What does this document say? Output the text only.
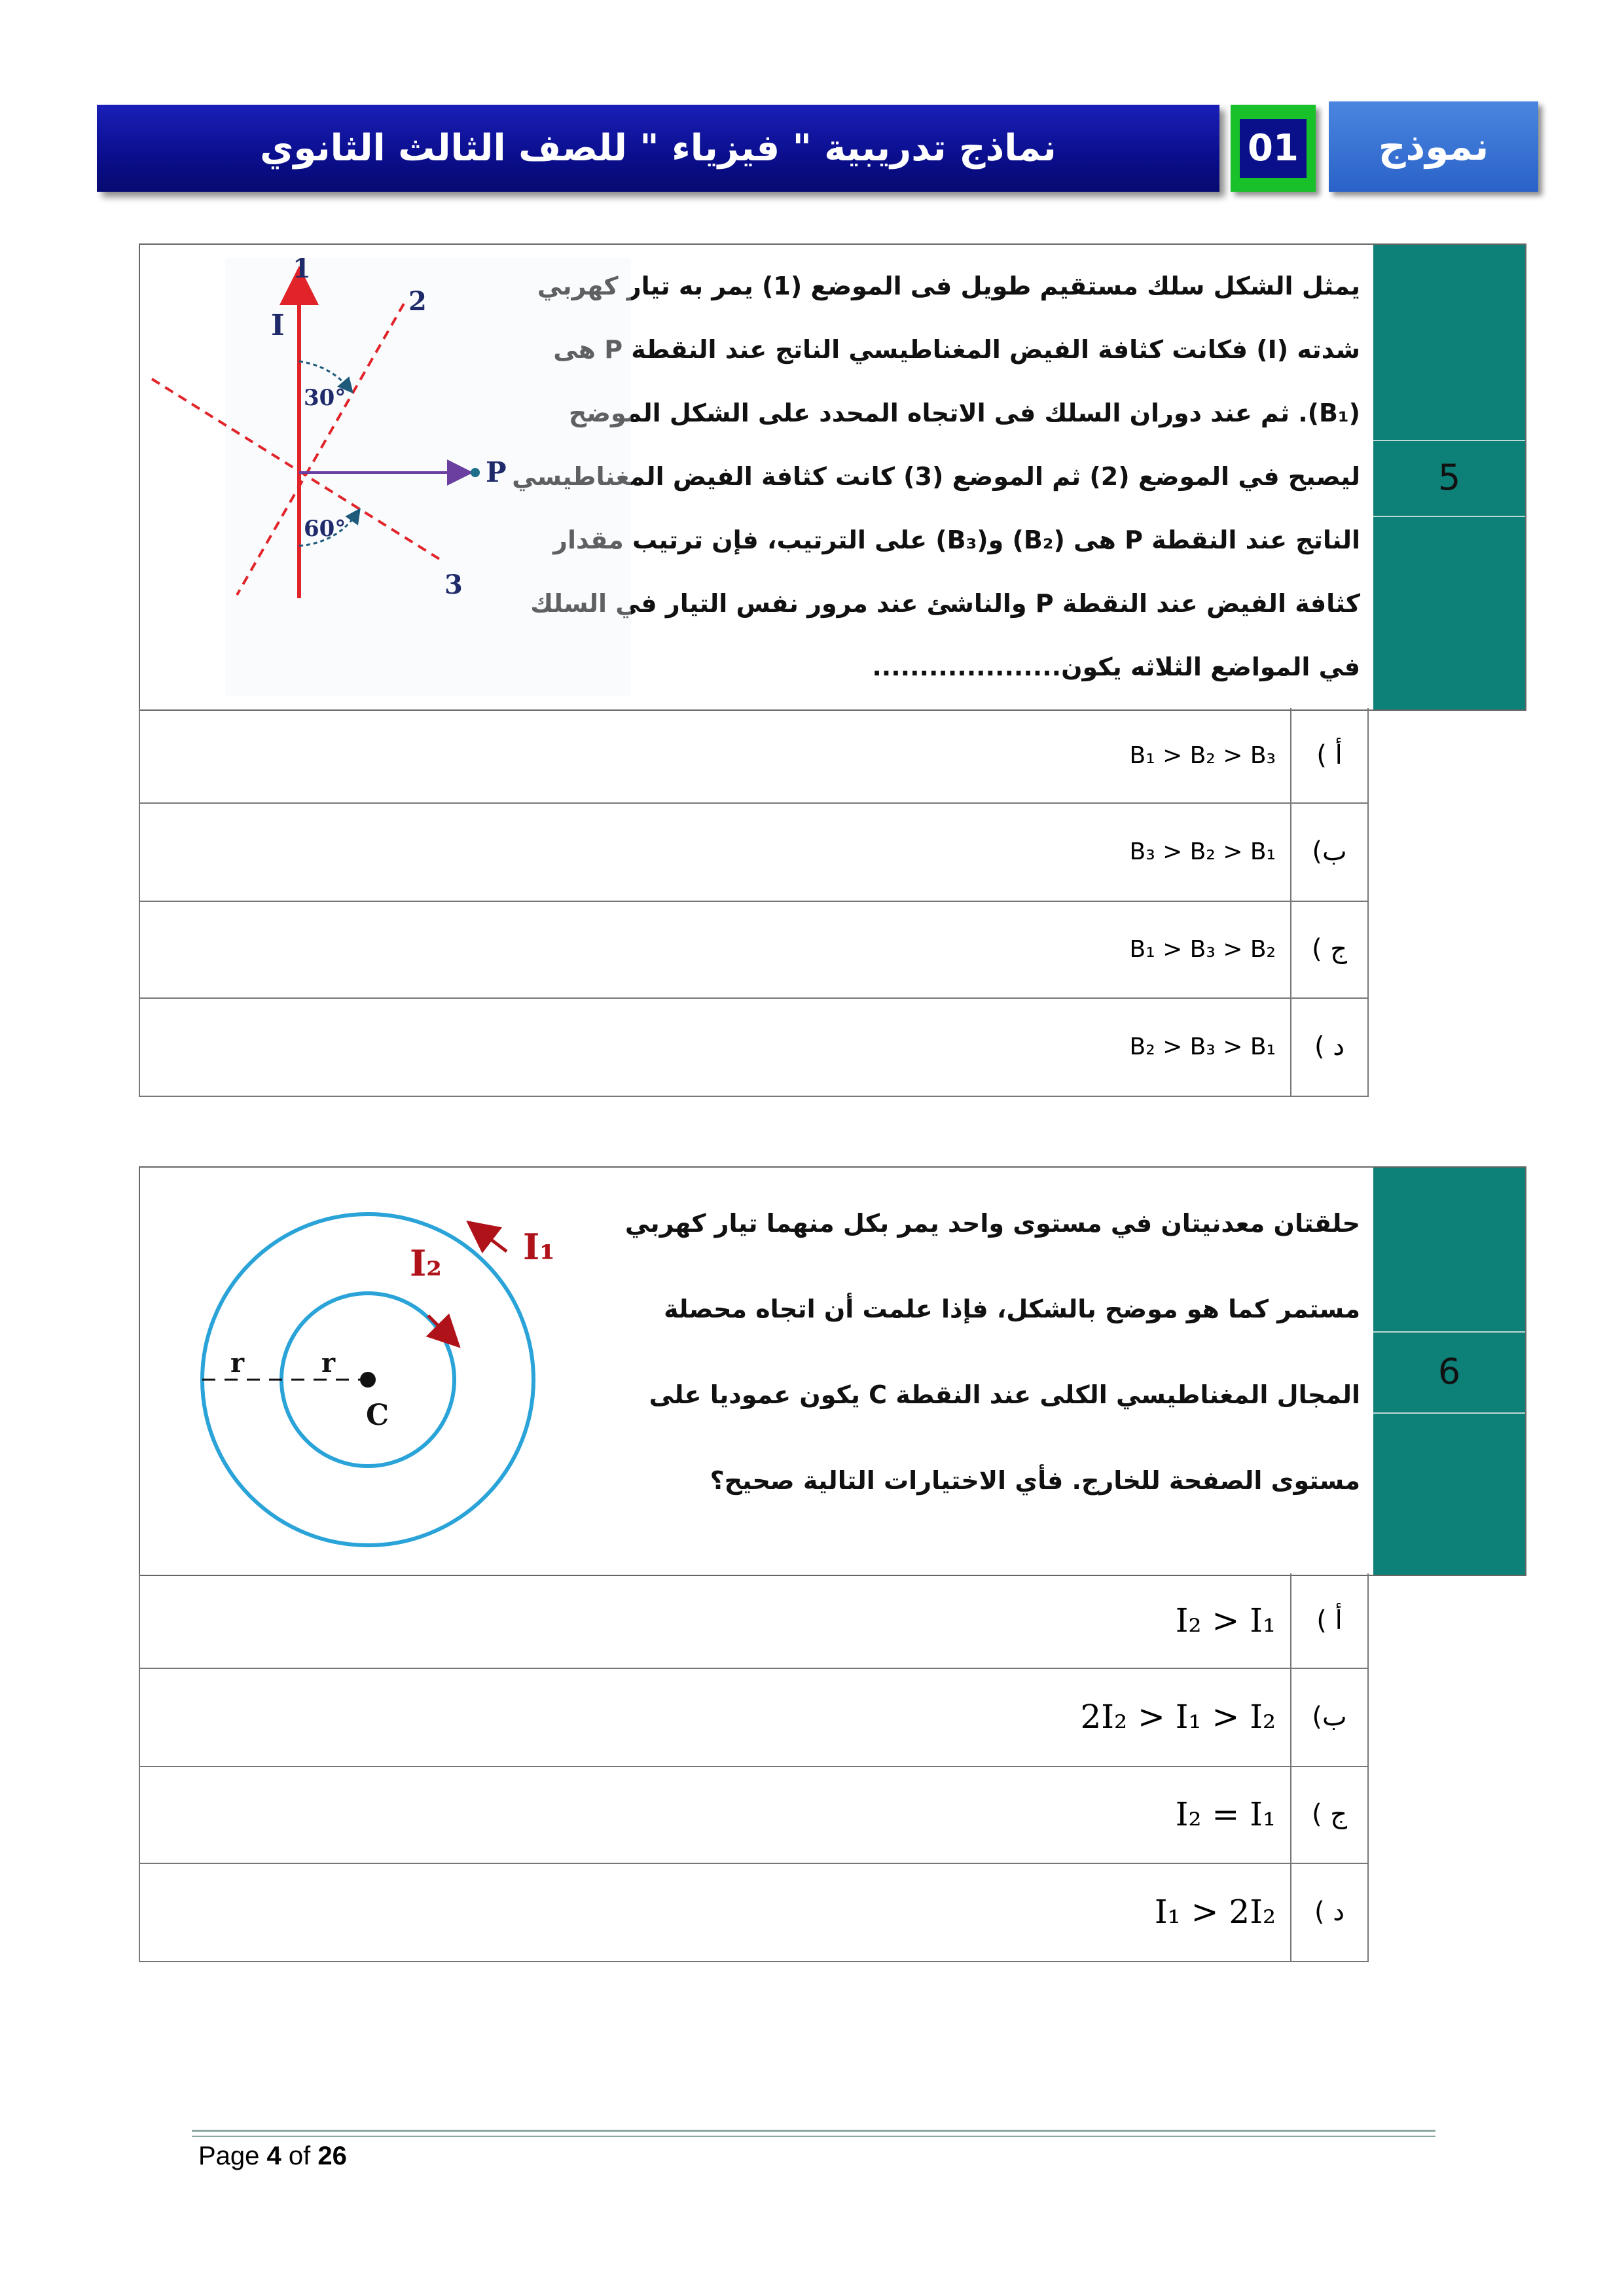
نماذج تدريبية " فيزياء " للصف الثالث الثانوي	01 نموذج
5
يمثل الشكل سلك مستقيم طويل فى الموضع (1) يمر به تيار كهربي
شدته (I) فكانت كثافة الفيض المغناطيسي الناتج عند النقطة P هى
(B₁). ثم عند دوران السلك فى الاتجاه المحدد على الشكل الموضح
ليصبح في الموضع (2) ثم الموضع (3) كانت كثافة الفيض المغناطيسي
الناتج عند النقطة P هى (B₂) و(B₃) على الترتيب، فإن ترتيب مقدار
كثافة الفيض عند النقطة P والناشئ عند مرور نفس التيار في السلك
في المواضع الثلاثه يكون....................
1
2
3
I
P
30°
60°
أ )
B₁ > B₂ > B₃
ب)
B₃ > B₂ > B₁
ج )
B₁ > B₃ > B₂
د )
B₂ > B₃ > B₁
6
حلقتان معدنيتان في مستوى واحد يمر بكل منهما تيار كهربي
مستمر كما هو موضح بالشكل، فإذا علمت أن اتجاه محصلة
المجال المغناطيسي الكلى عند النقطة C يكون عموديا على
مستوى الصفحة للخارج. فأي الاختيارات التالية صحيح؟
I₁
I₂
r	r
C
أ )
I₂ > I₁
ب)
2I₂ > I₁ > I₂
ج )
I₂ = I₁
د )
I₁ > 2I₂
Page 4 of 26
